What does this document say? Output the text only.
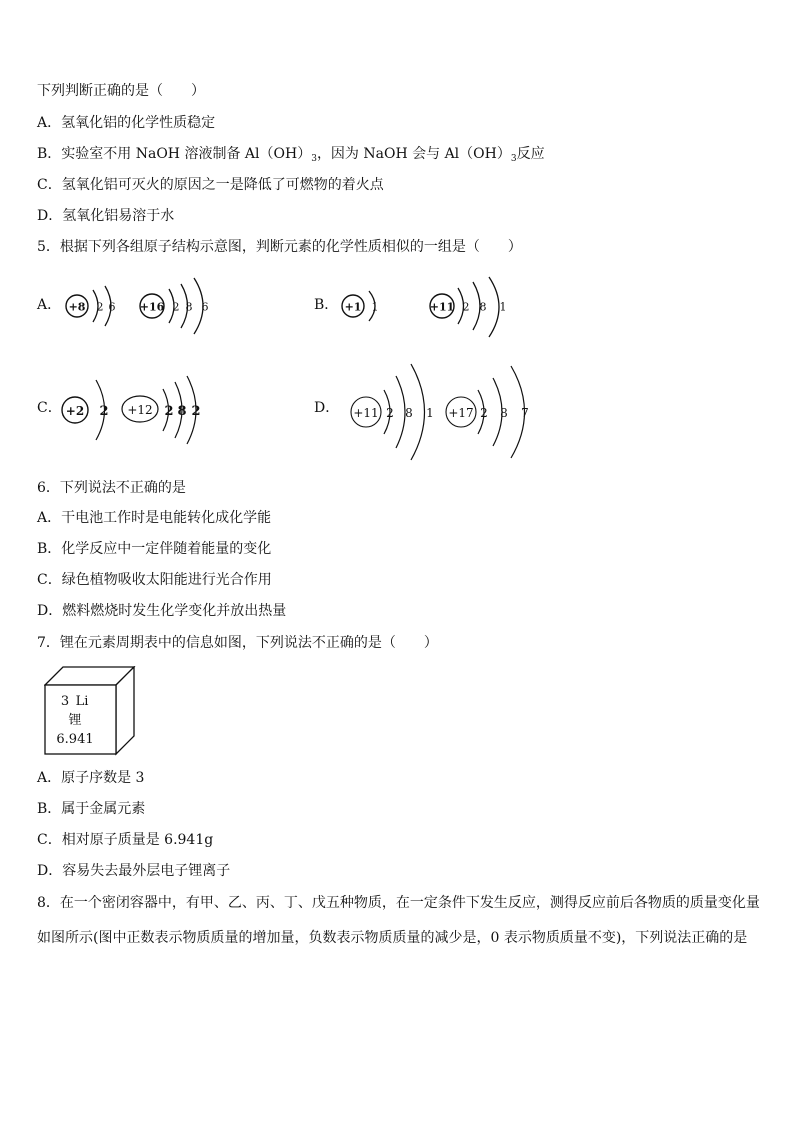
下列判断正确的是（　　）
A．氢氧化铝的化学性质稳定
B．实验室不用 NaOH 溶液制备 $Al(OH)_3$，因为 NaOH 会与 $Al(OH)_3$反应
C．氢氧化铝可灭火的原因之一是降低了可燃物的着火点
D．氢氧化铝易溶于水
5．根据下列各组原子结构示意图，判断元素的化学性质相似的一组是（　　）
A． +8 2 6 +16 2 8 6	B． +1 1	+11 2 8 1
C． +2 2 +12 2 8 2	D． +11 2 8 1 +17 2 8 7
6．下列说法不正确的是
A．干电池工作时是电能转化成化学能
B．化学反应中一定伴随着能量的变化
C．绿色植物吸收太阳能进行光合作用
D．燃料燃烧时发生化学变化并放出热量
7．锂在元素周期表中的信息如图，下列说法不正确的是（　　）
3 Li
锂
6.941
A．原子序数是 3
B．属于金属元素
C．相对原子质量是 6.941g
D．容易失去最外层电子锂离子
8．在一个密闭容器中，有甲、乙、丙、丁、戊五种物质，在一定条件下发生反应，测得反应前后各物质的质量变化量
如图所示(图中正数表示物质质量的增加量，负数表示物质质量的减少是，0 表示物质质量不变)，下列说法正确的是
